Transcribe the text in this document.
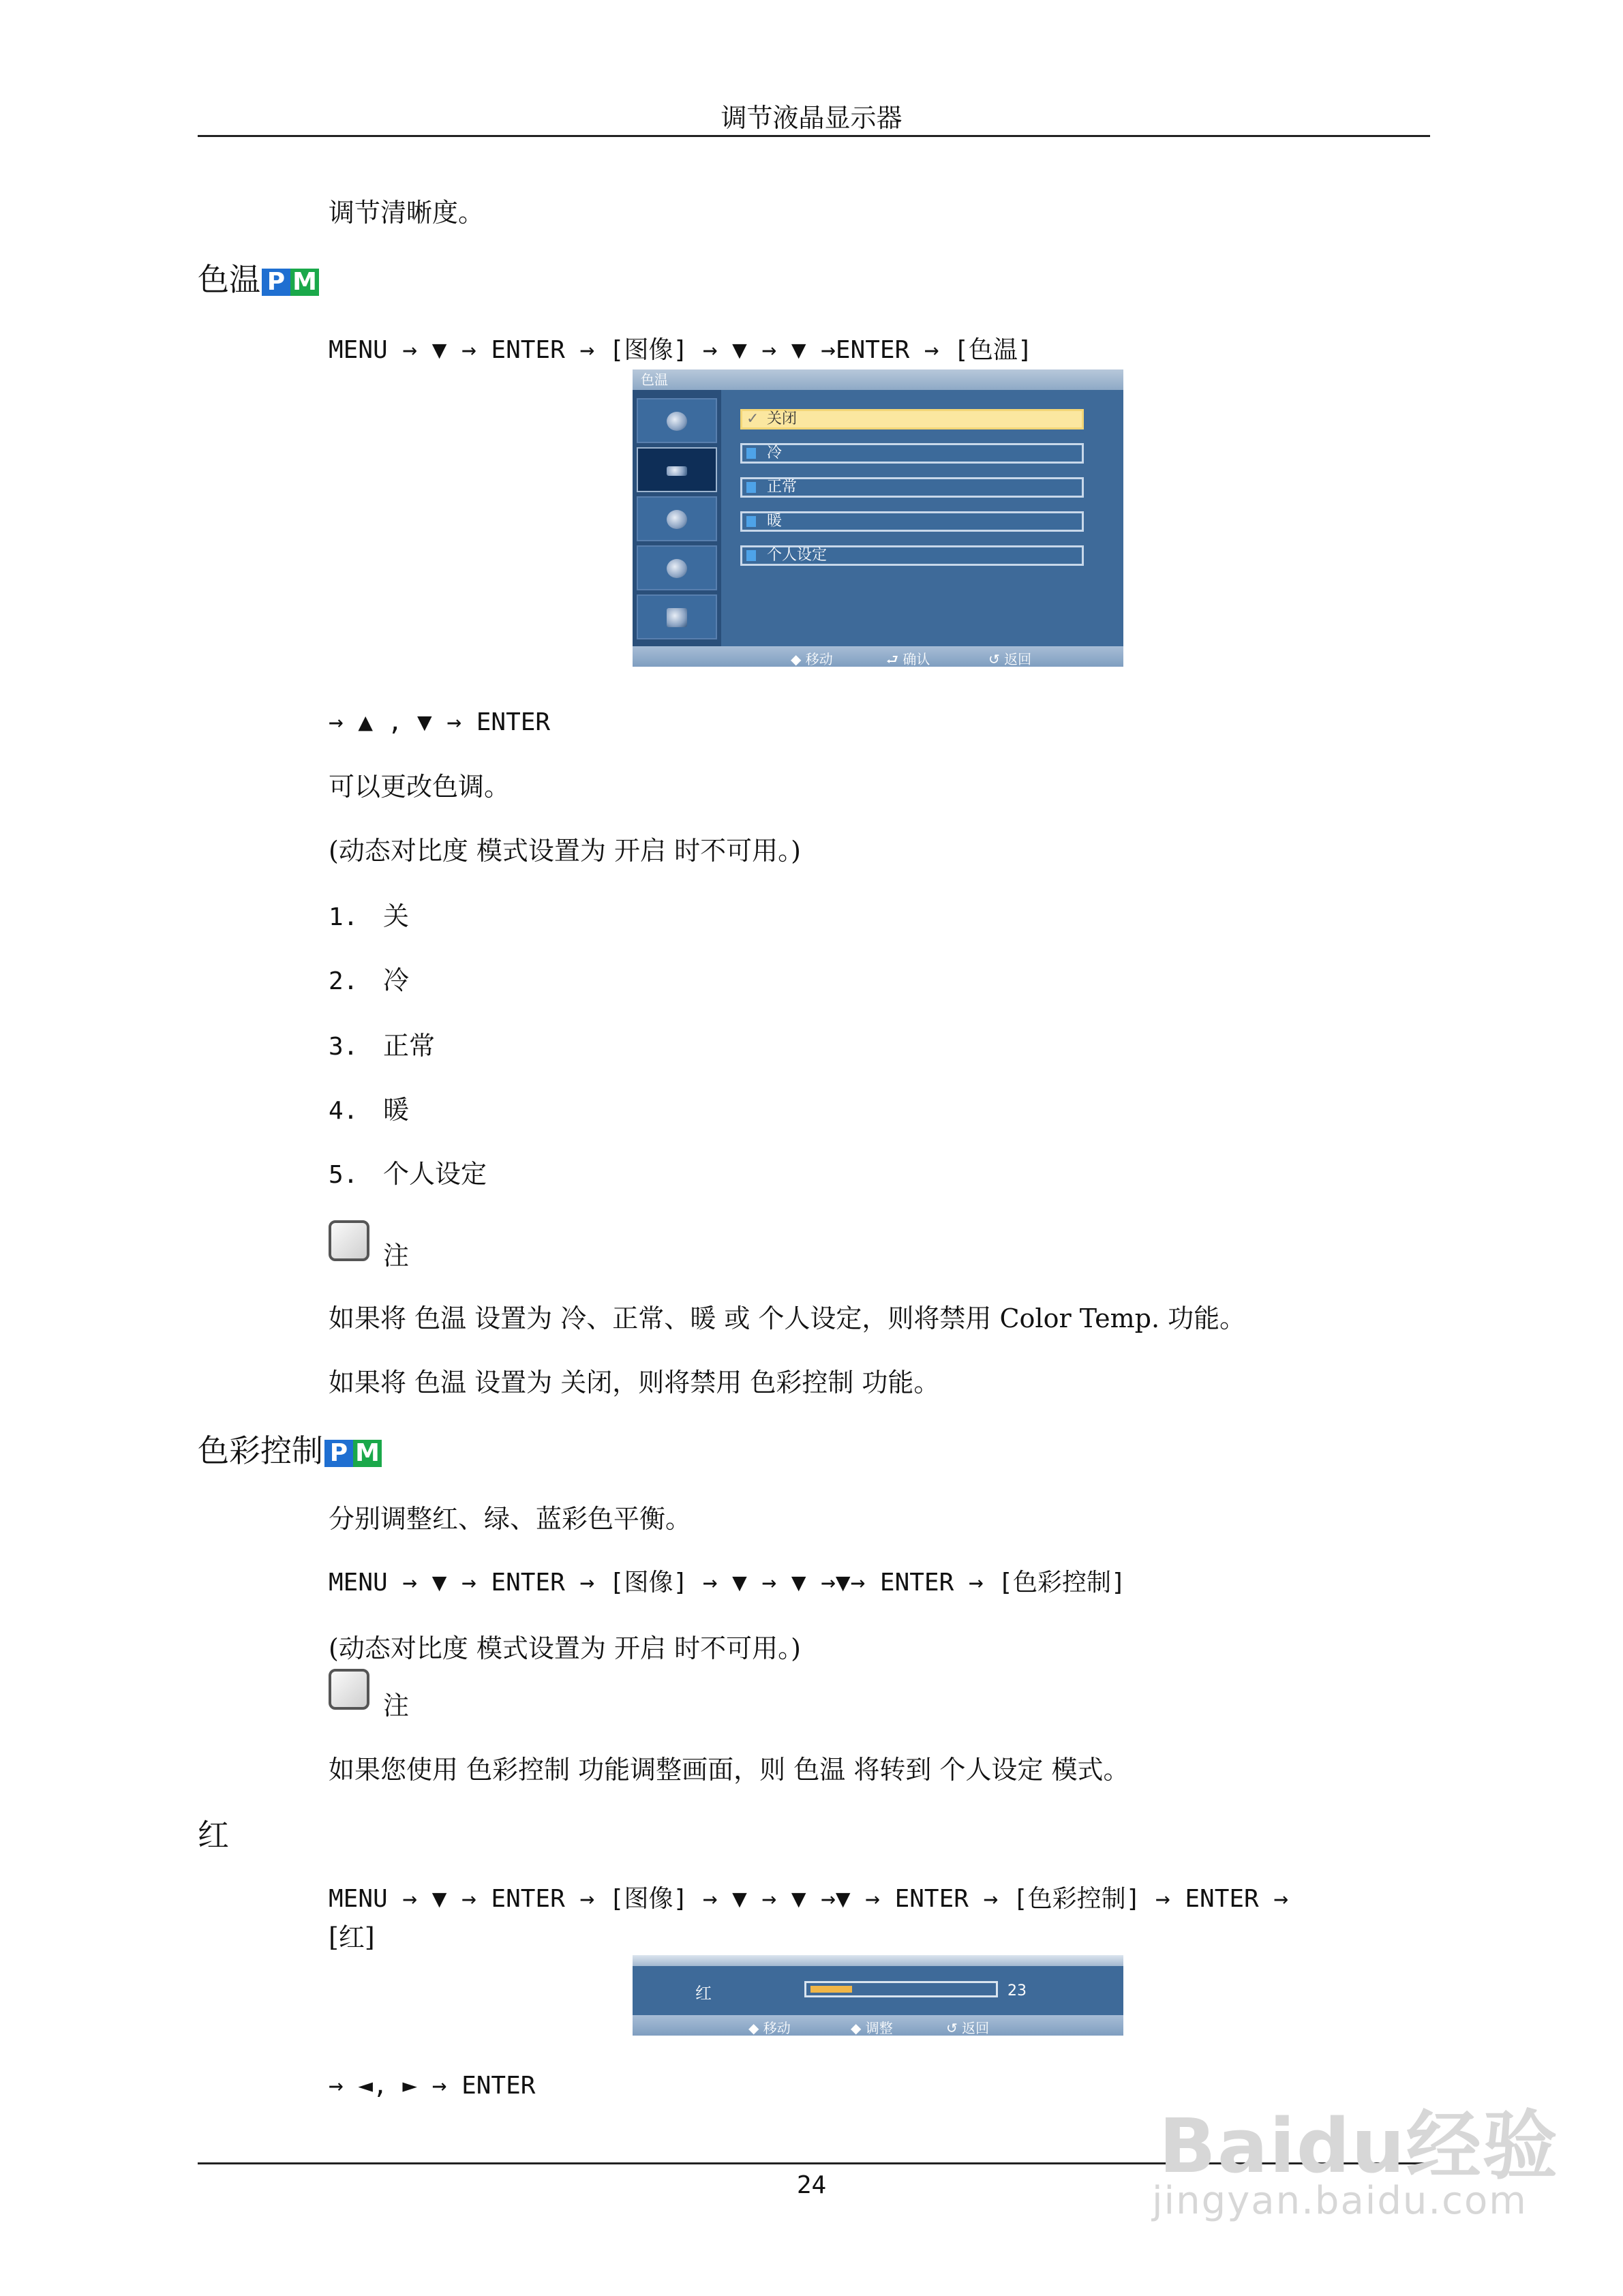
调节液晶显示器
调节清晰度。
色温 P M
MENU → ▼ → ENTER → [图像] → ▼ → ▼ →ENTER → [色温]
色温
✓ 关闭
冷
正常
暖
个人设定
◆ 移动	⮐ 确认	↺ 返回
→ ▲ , ▼ → ENTER
可以更改色调。
(动态对比度 模式设置为 开启 时不可用。)
1. 关
2. 冷
3. 正常
4. 暖
5. 个人设定
注
如果将 色温 设置为 冷、正常、暖 或 个人设定，则将禁用 Color Temp. 功能。
如果将 色温 设置为 关闭，则将禁用 色彩控制 功能。
色彩控制 P M
分别调整红、绿、蓝彩色平衡。
MENU → ▼ → ENTER → [图像] → ▼ → ▼ →▼→ ENTER → [色彩控制]
(动态对比度 模式设置为 开启 时不可用。)
注
如果您使用 色彩控制 功能调整画面，则 色温 将转到 个人设定 模式。
红
MENU → ▼ → ENTER → [图像] → ▼ → ▼ →▼ → ENTER → [色彩控制] → ENTER →
[红]
红	23
◆ 移动	◆ 调整	↺ 返回
→ ◄, ► → ENTER
24	Baidu经验
jingyan.baidu.com
